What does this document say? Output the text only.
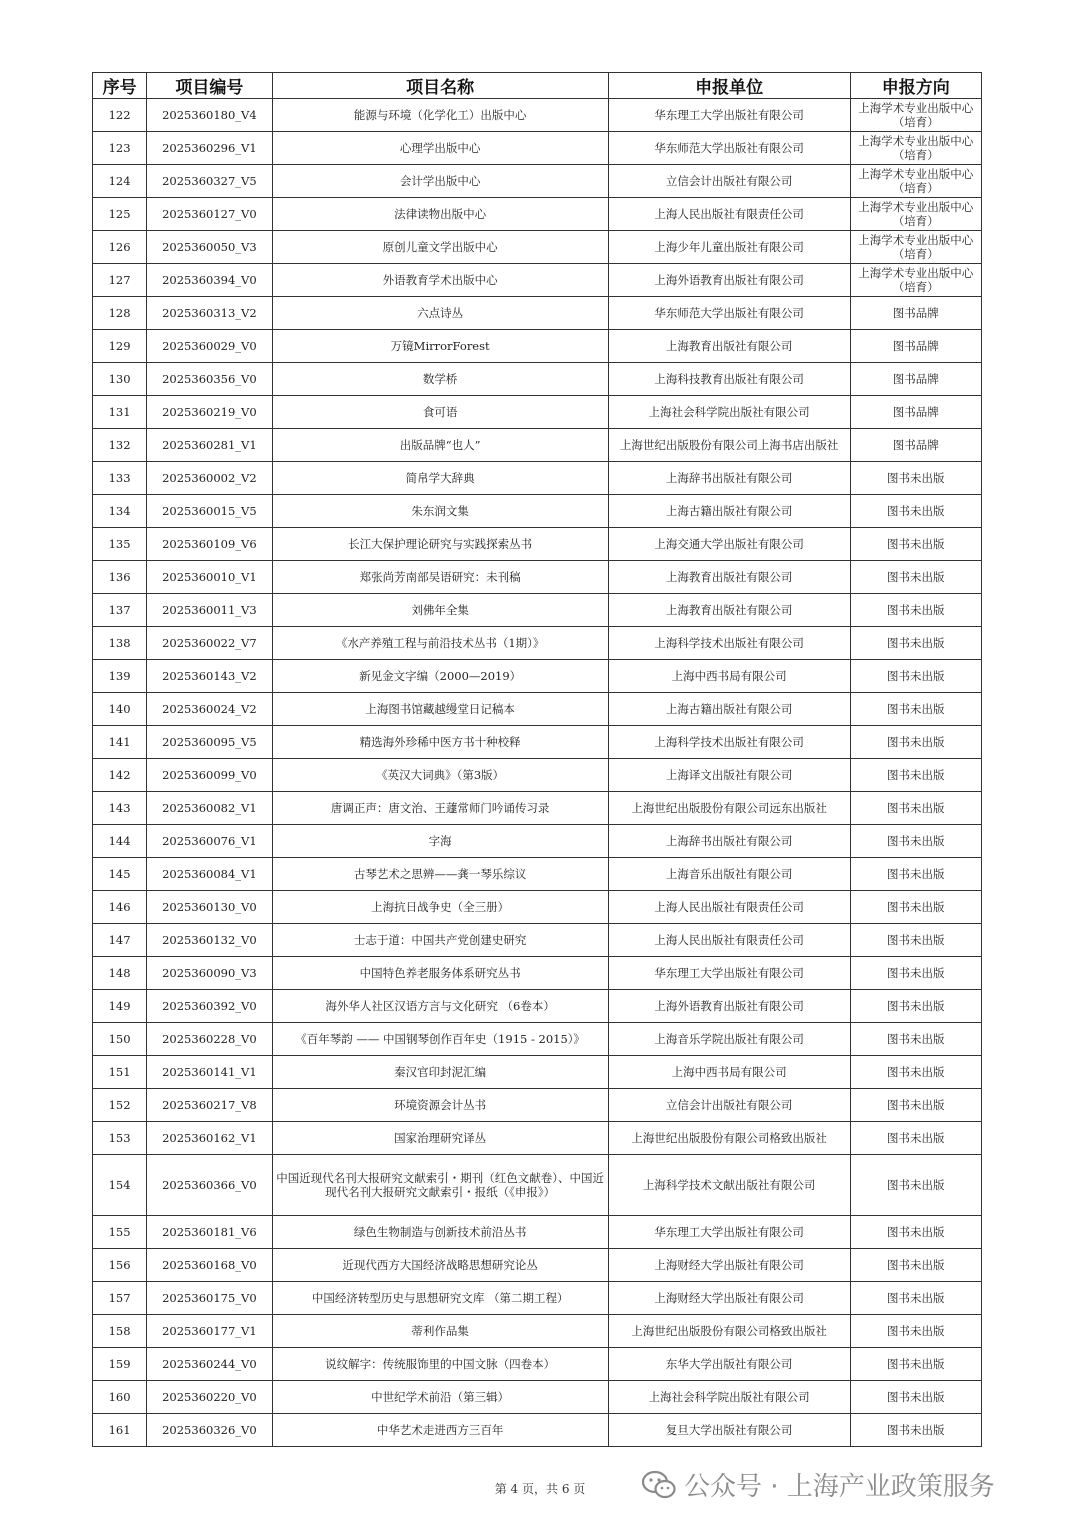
序号	项目编号	项目名称	申报单位	申报方向
122	2025360180_V4	能源与环境（化学化工）出版中心	华东理工大学出版社有限公司	上海学术专业出版中心（培育）
123	2025360296_V1	心理学出版中心	华东师范大学出版社有限公司	上海学术专业出版中心（培育）
124	2025360327_V5	会计学出版中心	立信会计出版社有限公司	上海学术专业出版中心（培育）
125	2025360127_V0	法律读物出版中心	上海人民出版社有限责任公司	上海学术专业出版中心（培育）
126	2025360050_V3	原创儿童文学出版中心	上海少年儿童出版社有限公司	上海学术专业出版中心（培育）
127	2025360394_V0	外语教育学术出版中心	上海外语教育出版社有限公司	上海学术专业出版中心（培育）
128	2025360313_V2	六点诗丛	华东师范大学出版社有限公司	图书品牌
129	2025360029_V0	万镜MirrorForest	上海教育出版社有限公司	图书品牌
130	2025360356_V0	数学桥	上海科技教育出版社有限公司	图书品牌
131	2025360219_V0	食可语	上海社会科学院出版社有限公司	图书品牌
132	2025360281_V1	出版品牌“也人”	上海世纪出版股份有限公司上海书店出版社	图书品牌
133	2025360002_V2	简帛学大辞典	上海辞书出版社有限公司	图书未出版
134	2025360015_V5	朱东润文集	上海古籍出版社有限公司	图书未出版
135	2025360109_V6	长江大保护理论研究与实践探索丛书	上海交通大学出版社有限公司	图书未出版
136	2025360010_V1	郑张尚芳南部吴语研究：未刊稿	上海教育出版社有限公司	图书未出版
137	2025360011_V3	刘佛年全集	上海教育出版社有限公司	图书未出版
138	2025360022_V7	《水产养殖工程与前沿技术丛书（1期）》	上海科学技术出版社有限公司	图书未出版
139	2025360143_V2	新见金文字编（2000—2019）	上海中西书局有限公司	图书未出版
140	2025360024_V2	上海图书馆藏越缦堂日记稿本	上海古籍出版社有限公司	图书未出版
141	2025360095_V5	精选海外珍稀中医方书十种校释	上海科学技术出版社有限公司	图书未出版
142	2025360099_V0	《英汉大词典》（第3版）	上海译文出版社有限公司	图书未出版
143	2025360082_V1	唐调正声：唐文治、王蘧常师门吟诵传习录	上海世纪出版股份有限公司远东出版社	图书未出版
144	2025360076_V1	字海	上海辞书出版社有限公司	图书未出版
145	2025360084_V1	古琴艺术之思辨——龚一琴乐综议	上海音乐出版社有限公司	图书未出版
146	2025360130_V0	上海抗日战争史（全三册）	上海人民出版社有限责任公司	图书未出版
147	2025360132_V0	士志于道：中国共产党创建史研究	上海人民出版社有限责任公司	图书未出版
148	2025360090_V3	中国特色养老服务体系研究丛书	华东理工大学出版社有限公司	图书未出版
149	2025360392_V0	海外华人社区汉语方言与文化研究 （6卷本）	上海外语教育出版社有限公司	图书未出版
150	2025360228_V0	《百年琴韵 —— 中国钢琴创作百年史（1915 - 2015）》	上海音乐学院出版社有限公司	图书未出版
151	2025360141_V1	秦汉官印封泥汇编	上海中西书局有限公司	图书未出版
152	2025360217_V8	环境资源会计丛书	立信会计出版社有限公司	图书未出版
153	2025360162_V1	国家治理研究译丛	上海世纪出版股份有限公司格致出版社	图书未出版
154	2025360366_V0	中国近现代名刊大报研究文献索引・期刊（红色文献卷）、中国近现代名刊大报研究文献索引・报纸（《申报》）	上海科学技术文献出版社有限公司	图书未出版
155	2025360181_V6	绿色生物制造与创新技术前沿丛书	华东理工大学出版社有限公司	图书未出版
156	2025360168_V0	近现代西方大国经济战略思想研究论丛	上海财经大学出版社有限公司	图书未出版
157	2025360175_V0	中国经济转型历史与思想研究文库 （第二期工程）	上海财经大学出版社有限公司	图书未出版
158	2025360177_V1	蒂利作品集	上海世纪出版股份有限公司格致出版社	图书未出版
159	2025360244_V0	说纹解字：传统服饰里的中国文脉（四卷本）	东华大学出版社有限公司	图书未出版
160	2025360220_V0	中世纪学术前沿（第三辑）	上海社会科学院出版社有限公司	图书未出版
161	2025360326_V0	中华艺术走进西方三百年	复旦大学出版社有限公司	图书未出版
第 4 页，共 6 页	公众号 · 上海产业政策服务
